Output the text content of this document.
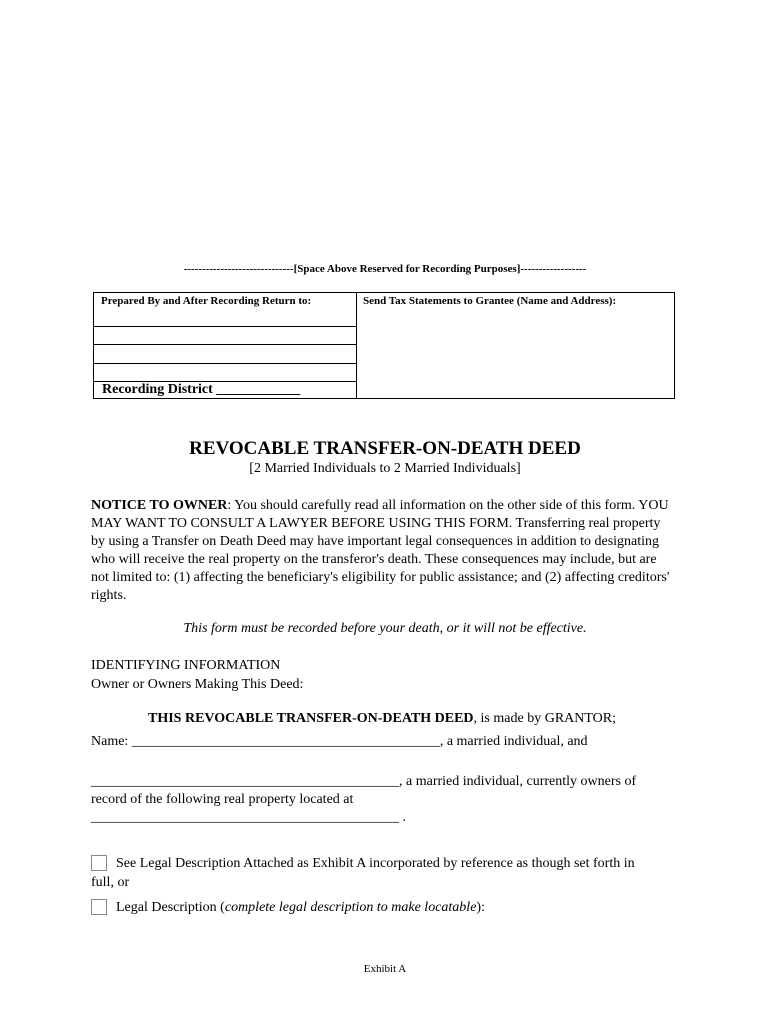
------------------------------[Space Above Reserved for Recording Purposes]------------------
Prepared By and After Recording Return to:
Recording District ____________
Send Tax Statements to Grantee (Name and Address):
REVOCABLE TRANSFER-ON-DEATH DEED
[2 Married Individuals to 2 Married Individuals]
NOTICE TO OWNER: You should carefully read all information on the other side of this form. YOU MAY WANT TO CONSULT A LAWYER BEFORE USING THIS FORM. Transferring real property by using a Transfer on Death Deed may have important legal consequences in addition to designating who will receive the real property on the transferor's death. These consequences may include, but are not limited to: (1) affecting the beneficiary's eligibility for public assistance; and (2) affecting creditors' rights.
This form must be recorded before your death, or it will not be effective.
IDENTIFYING INFORMATION
Owner or Owners Making This Deed:
THIS REVOCABLE TRANSFER-ON-DEATH DEED, is made by GRANTOR;
Name: ____________________________________________, a married individual, and
____________________________________________, a married individual, currently owners of
record of the following real property located at
____________________________________________ .
See Legal Description Attached as Exhibit A incorporated by reference as though set forth in
full, or
Legal Description (complete legal description to make locatable):
Exhibit A
